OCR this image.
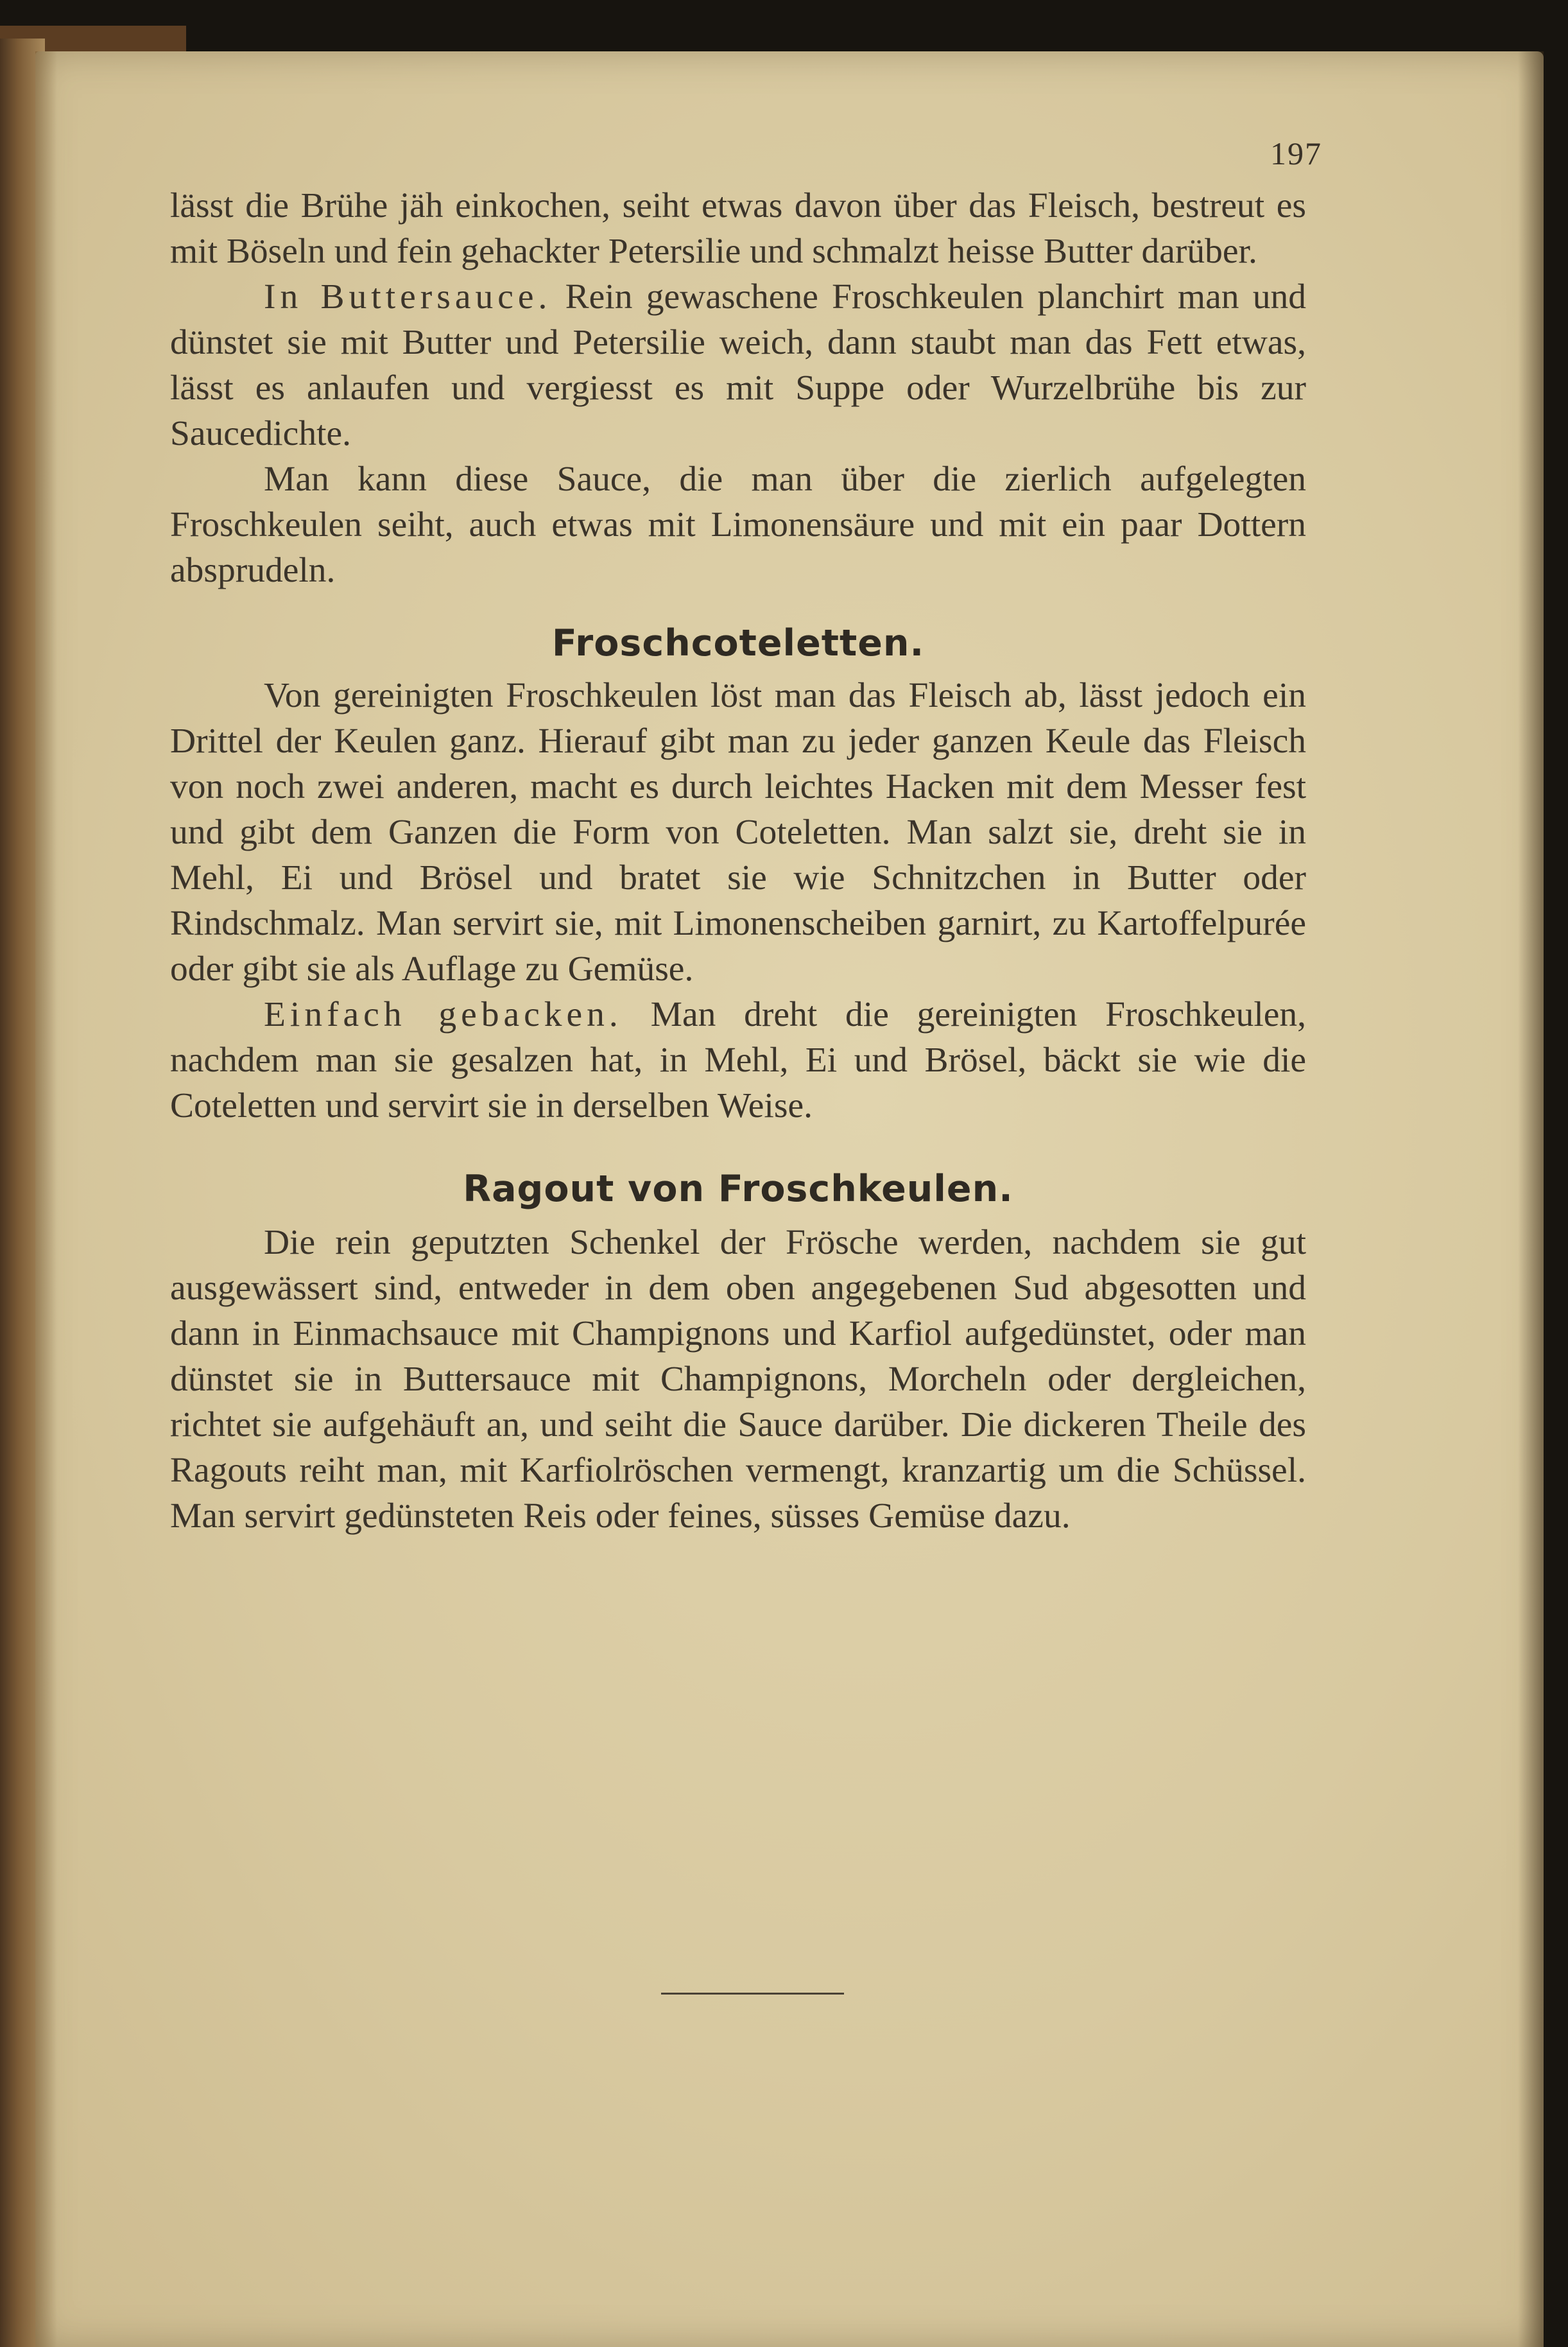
197

lässt die Brühe jäh einkochen, seiht etwas davon über das Fleisch, bestreut es mit Böseln und fein gehackter Petersilie und schmalzt heisse Butter darüber.

In Buttersauce. Rein gewaschene Froschkeulen planchirt man und dünstet sie mit Butter und Petersilie weich, dann staubt man das Fett etwas, lässt es anlaufen und vergiesst es mit Suppe oder Wurzelbrühe bis zur Saucedichte.

Man kann diese Sauce, die man über die zierlich aufgelegten Froschkeulen seiht, auch etwas mit Limonensäure und mit ein paar Dottern absprudeln.

Froschcoteletten.

Von gereinigten Froschkeulen löst man das Fleisch ab, lässt jedoch ein Drittel der Keulen ganz. Hierauf gibt man zu jeder ganzen Keule das Fleisch von noch zwei anderen, macht es durch leichtes Hacken mit dem Messer fest und gibt dem Ganzen die Form von Coteletten. Man salzt sie, dreht sie in Mehl, Ei und Brösel und bratet sie wie Schnitzchen in Butter oder Rindschmalz. Man servirt sie, mit Limonenscheiben garnirt, zu Kartoffelpurée oder gibt sie als Auflage zu Gemüse.

Einfach gebacken. Man dreht die gereinigten Froschkeulen, nachdem man sie gesalzen hat, in Mehl, Ei und Brösel, bäckt sie wie die Coteletten und servirt sie in derselben Weise.

Ragout von Froschkeulen.

Die rein geputzten Schenkel der Frösche werden, nachdem sie gut ausgewässert sind, entweder in dem oben angegebenen Sud abgesotten und dann in Einmachsauce mit Champignons und Karfiol aufgedünstet, oder man dünstet sie in Buttersauce mit Champignons, Morcheln oder dergleichen, richtet sie aufgehäuft an, und seiht die Sauce darüber. Die dickeren Theile des Ragouts reiht man, mit Karfiolröschen vermengt, kranzartig um die Schüssel. Man servirt gedünsteten Reis oder feines, süsses Gemüse dazu.
